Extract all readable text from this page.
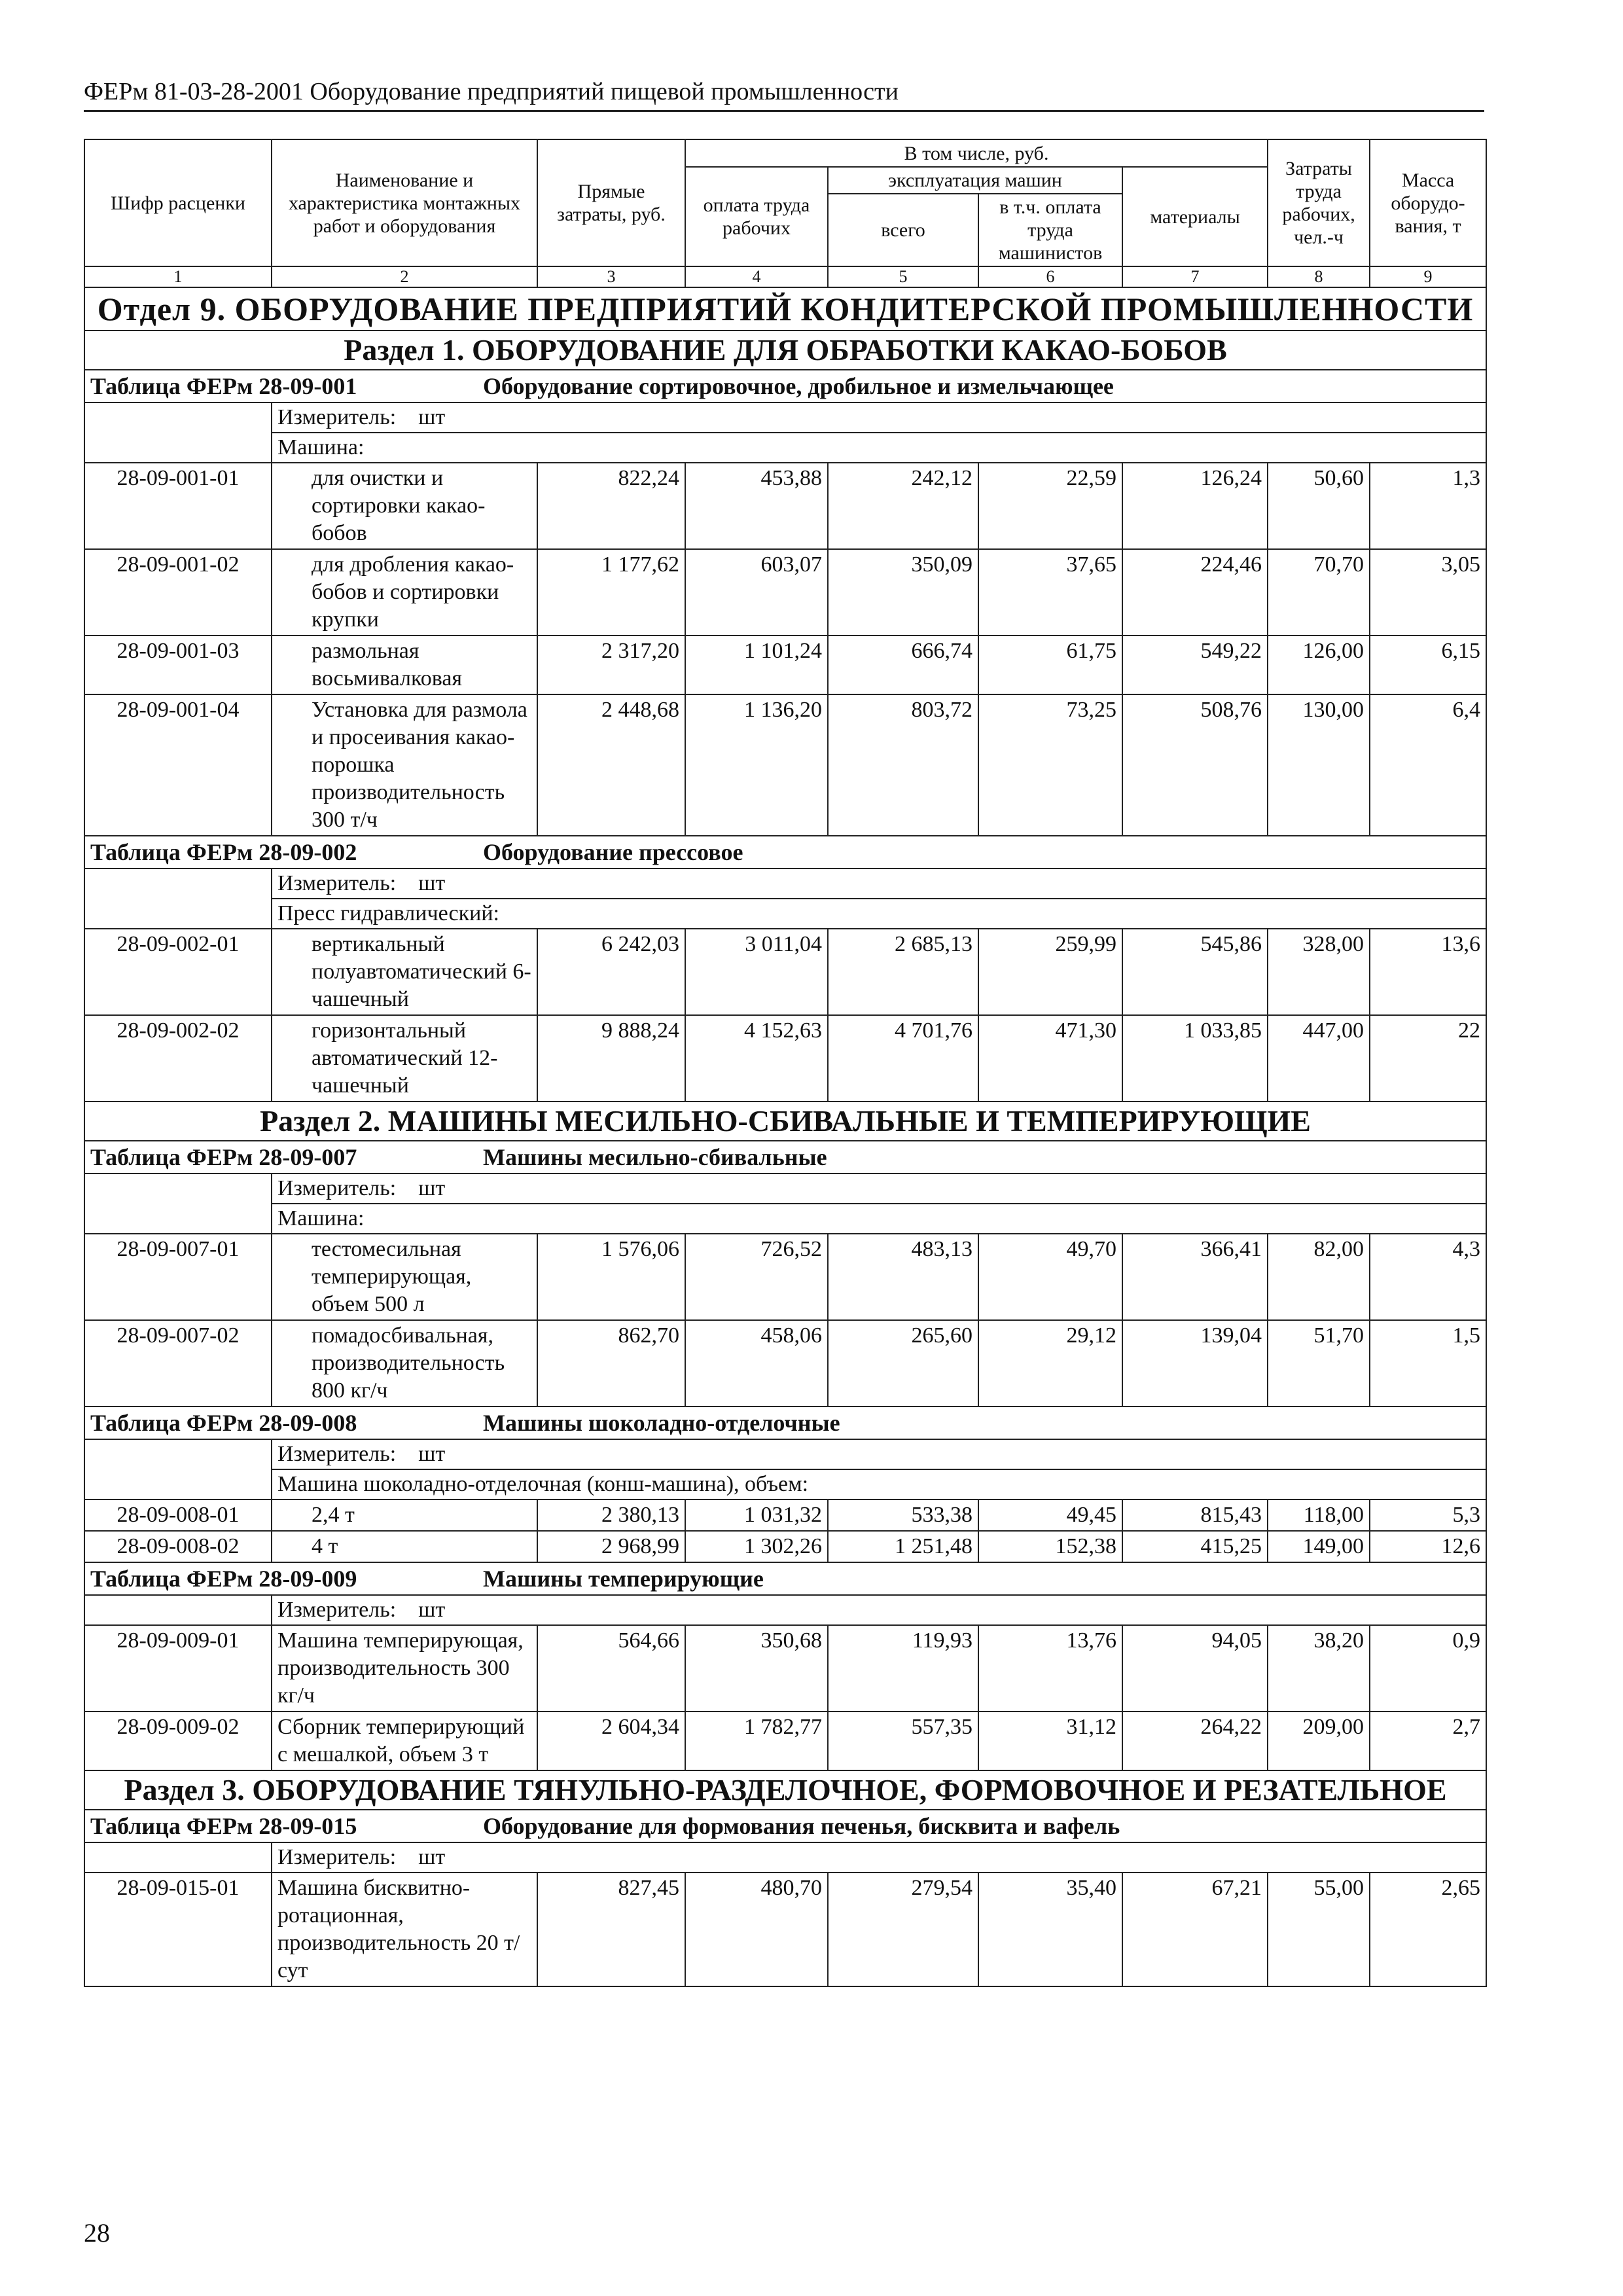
ФЕРм 81-03-28-2001 Оборудование предприятий пищевой промышленности
Шифр расценки	Наименование и характеристика монтажных работ и оборудования	Прямые затраты, руб.	В том числе, руб.				Затраты труда рабочих, чел.-ч	Масса оборудо-вания, т
			оплата труда рабочих	эксплуатация машин		материалы		
				всего	в т.ч. оплата труда машинистов			
1	2	3	4	5	6	7	8	9
Отдел 9. ОБОРУДОВАНИЕ ПРЕДПРИЯТИЙ КОНДИТЕРСКОЙ ПРОМЫШЛЕННОСТИ								
Раздел 1. ОБОРУДОВАНИЕ ДЛЯ ОБРАБОТКИ КАКАО-БОБОВ								
Таблица ФЕРм 28-09-001 Оборудование сортировочное, дробильное и измельчающее								
	Измеритель: шт							
	Машина:							
28-09-001-01	для очистки и сортировки какао-бобов	822,24	453,88	242,12	22,59	126,24	50,60	1,3
28-09-001-02	для дробления какао-бобов и сортировки крупки	1 177,62	603,07	350,09	37,65	224,46	70,70	3,05
28-09-001-03	размольная восьмивалковая	2 317,20	1 101,24	666,74	61,75	549,22	126,00	6,15
28-09-001-04	Установка для размола и просеивания какао-порошка производительность 300 т/ч	2 448,68	1 136,20	803,72	73,25	508,76	130,00	6,4
Таблица ФЕРм 28-09-002 Оборудование прессовое								
	Измеритель: шт							
	Пресс гидравлический:							
28-09-002-01	вертикальный полуавтоматический 6-чашечный	6 242,03	3 011,04	2 685,13	259,99	545,86	328,00	13,6
28-09-002-02	горизонтальный автоматический 12-чашечный	9 888,24	4 152,63	4 701,76	471,30	1 033,85	447,00	22
Раздел 2. МАШИНЫ МЕСИЛЬНО-СБИВАЛЬНЫЕ И ТЕМПЕРИРУЮЩИЕ								
Таблица ФЕРм 28-09-007 Машины месильно-сбивальные								
	Измеритель: шт							
	Машина:							
28-09-007-01	тестомесильная темперирующая, объем 500 л	1 576,06	726,52	483,13	49,70	366,41	82,00	4,3
28-09-007-02	помадосбивальная, производительность 800 кг/ч	862,70	458,06	265,60	29,12	139,04	51,70	1,5
Таблица ФЕРм 28-09-008 Машины шоколадно-отделочные								
	Измеритель: шт							
	Машина шоколадно-отделочная (конш-машина), объем:							
28-09-008-01	2,4 т	2 380,13	1 031,32	533,38	49,45	815,43	118,00	5,3
28-09-008-02	4 т	2 968,99	1 302,26	1 251,48	152,38	415,25	149,00	12,6
Таблица ФЕРм 28-09-009 Машины темперирующие								
	Измеритель: шт							
28-09-009-01	Машина темперирующая, производительность 300 кг/ч	564,66	350,68	119,93	13,76	94,05	38,20	0,9
28-09-009-02	Сборник темперирующий с мешалкой, объем 3 т	2 604,34	1 782,77	557,35	31,12	264,22	209,00	2,7
Раздел 3. ОБОРУДОВАНИЕ ТЯНУЛЬНО-РАЗДЕЛОЧНОЕ, ФОРМОВОЧНОЕ И РЕЗАТЕЛЬНОЕ								
Таблица ФЕРм 28-09-015 Оборудование для формования печенья, бисквита и вафель								
	Измеритель: шт							
28-09-015-01	Машина бисквитно-ротационная, производительность 20 т/сут	827,45	480,70	279,54	35,40	67,21	55,00	2,65
28
